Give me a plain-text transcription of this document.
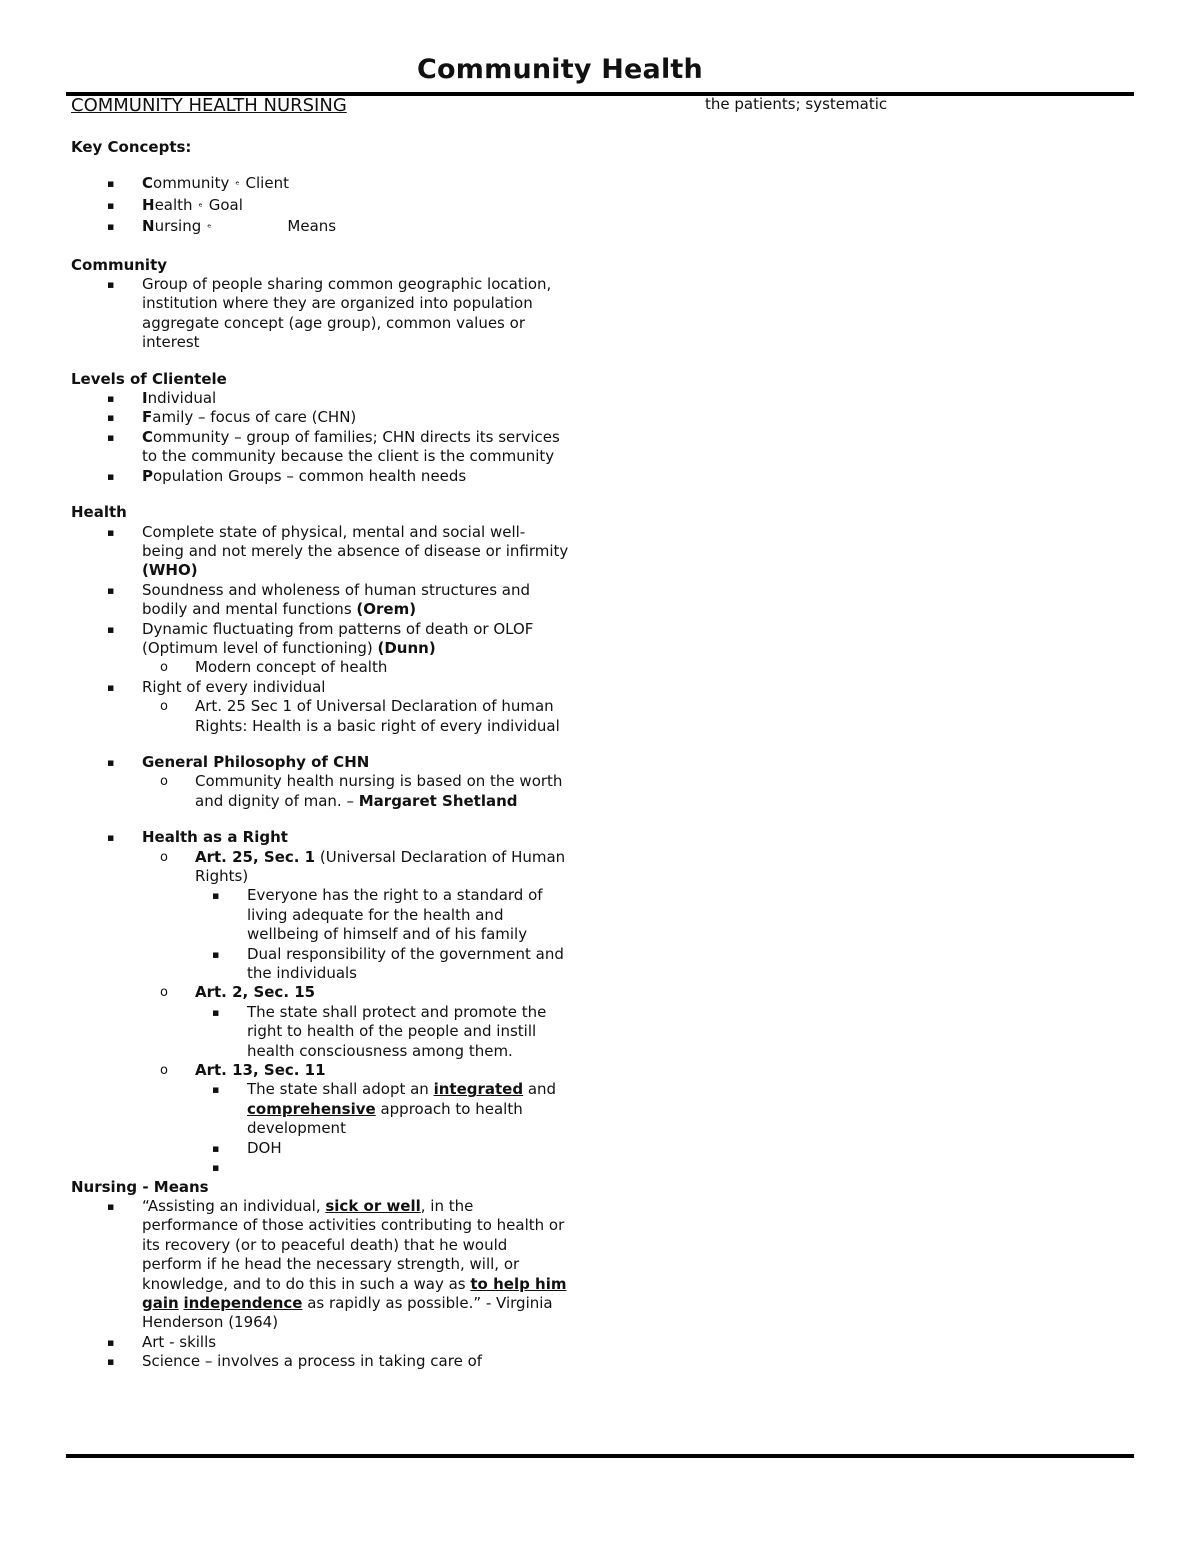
Community Health
COMMUNITY HEALTH NURSING
Key Concepts:
▪ Community ᵉ Client
▪ Health ᵉ Goal
▪ Nursing ᵉ	Means
Community
▪ Group of people sharing common geographic location, institution where they are organized into population aggregate concept (age group), common values or interest
Levels of Clientele
▪ Individual
▪ Family – focus of care (CHN)
▪ Community – group of families; CHN directs its services to the community because the client is the community
▪ Population Groups – common health needs
Health
▪ Complete state of physical, mental and social well- being and not merely the absence of disease or infirmity (WHO)
▪ Soundness and wholeness of human structures and bodily and mental functions (Orem)
▪ Dynamic fluctuating from patterns of death or OLOF (Optimum level of functioning) (Dunn)
o Modern concept of health
▪ Right of every individual
o Art. 25 Sec 1 of Universal Declaration of human Rights: Health is a basic right of every individual
▪ General Philosophy of CHN
o Community health nursing is based on the worth and dignity of man. – Margaret Shetland
▪ Health as a Right
o Art. 25, Sec. 1 (Universal Declaration of Human Rights)
▪ Everyone has the right to a standard of living adequate for the health and wellbeing of himself and of his family
▪ Dual responsibility of the government and the individuals
o Art. 2, Sec. 15
▪ The state shall protect and promote the right to health of the people and instill health consciousness among them.
o Art. 13, Sec. 11
▪ The state shall adopt an integrated and comprehensive approach to health development
▪ DOH
▪

Nursing - Means
▪ “Assisting an individual, sick or well, in the performance of those activities contributing to health or its recovery (or to peaceful death) that he would perform if he head the necessary strength, will, or knowledge, and to do this in such a way as to help him gain independence as rapidly as possible.” - Virginia Henderson (1964)
▪ Art - skills
▪ Science – involves a process in taking care of
the patients; systematic
